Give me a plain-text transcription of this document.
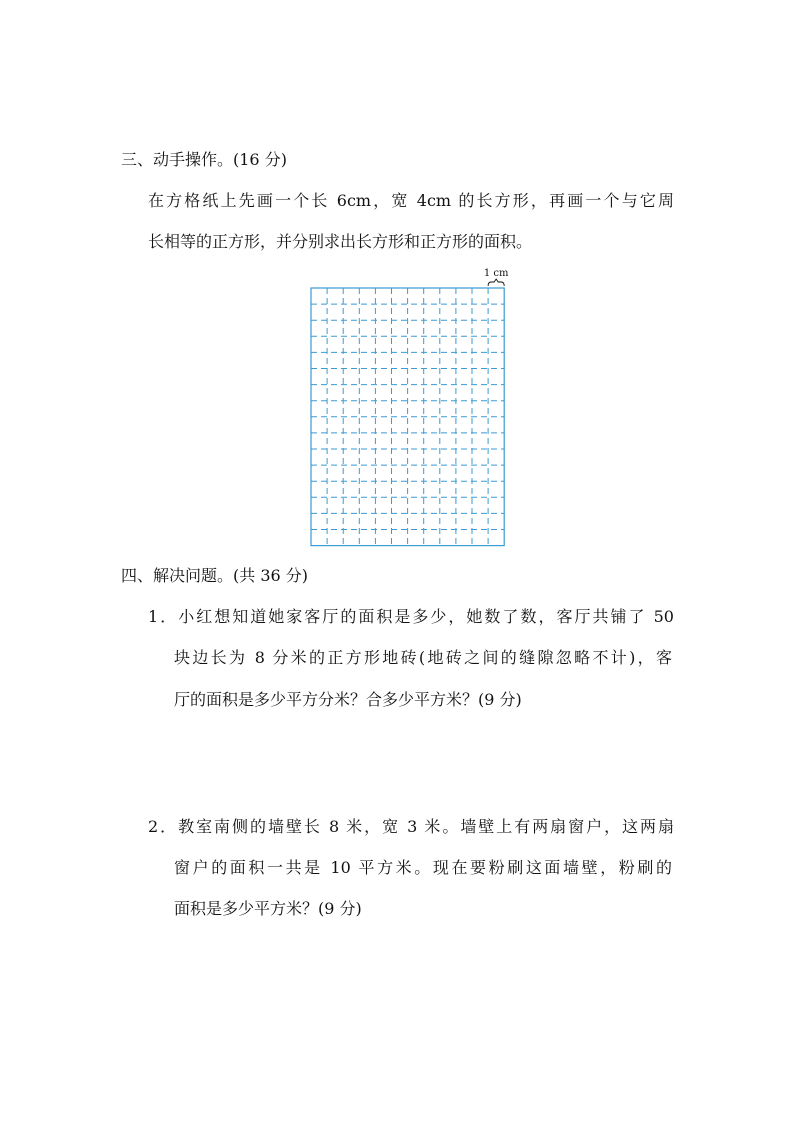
三、动手操作。(16 分)
在方格纸上先画一个长 6cm，宽 4cm 的长方形，再画一个与它周
长相等的正方形，并分别求出长方形和正方形的面积。
1 cm
四、解决问题。(共 36 分)
1．小红想知道她家客厅的面积是多少，她数了数，客厅共铺了 50
块边长为 8 分米的正方形地砖(地砖之间的缝隙忽略不计)，客
厅的面积是多少平方分米？合多少平方米？(9 分)
2．教室南侧的墙壁长 8 米，宽 3 米。墙壁上有两扇窗户，这两扇
窗户的面积一共是 10 平方米。现在要粉刷这面墙壁，粉刷的
面积是多少平方米？(9 分)
